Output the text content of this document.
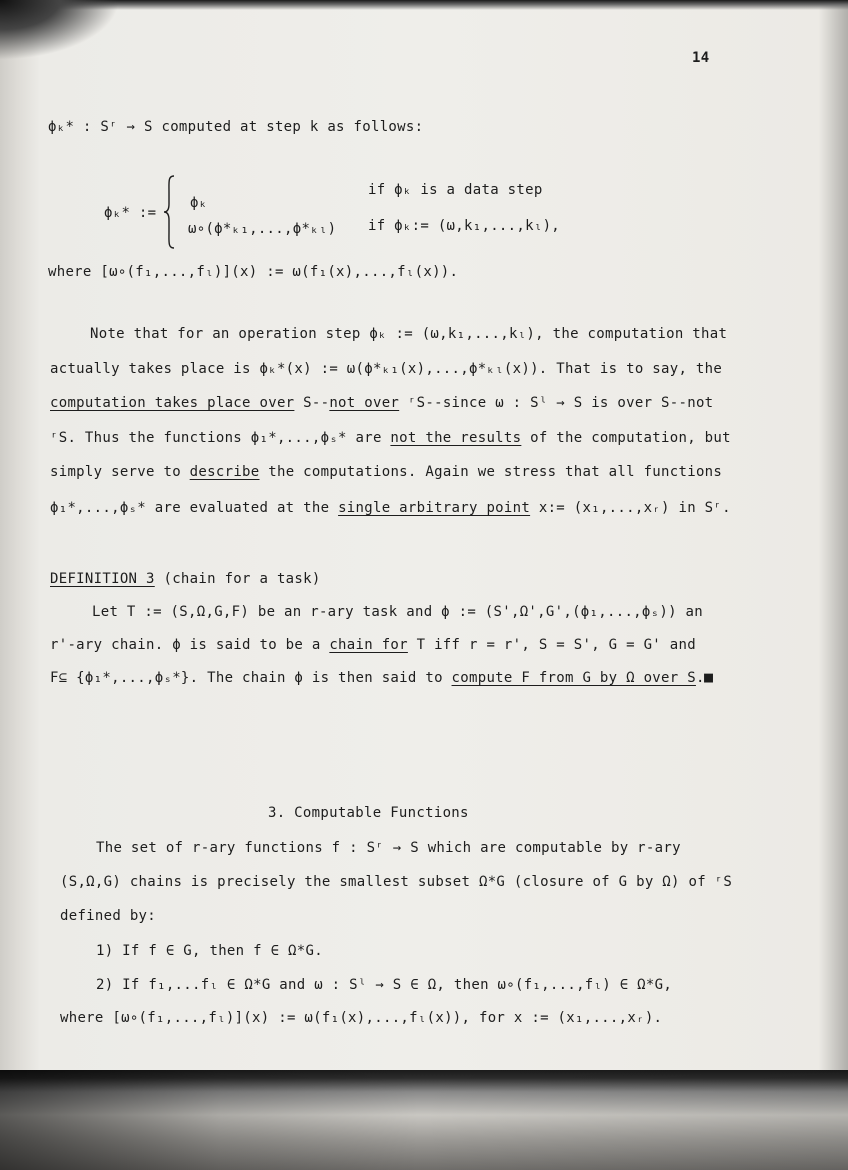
14
ϕₖ* : Sʳ → S computed at step k as follows:
ϕₖ* :=
ϕₖ
if ϕₖ is a data step
ω∘(ϕ*ₖ₁,...,ϕ*ₖₗ) if ϕₖ:= (ω,k₁,...,kₗ),
where [ω∘(f₁,...,fₗ)](x) := ω(f₁(x),...,fₗ(x)).
Note that for an operation step ϕₖ := (ω,k₁,...,kₗ), the computation that
actually takes place is ϕₖ*(x) := ω(ϕ*ₖ₁(x),...,ϕ*ₖₗ(x)). That is to say, the
computation takes place over S--not over ʳS--since ω : Sˡ → S is over S--not
ʳS. Thus the functions ϕ₁*,...,ϕₛ* are not the results of the computation, but
simply serve to describe the computations. Again we stress that all functions
ϕ₁*,...,ϕₛ* are evaluated at the single arbitrary point x:= (x₁,...,xᵣ) in Sʳ.
DEFINITION 3 (chain for a task)
Let T := (S,Ω,G,F) be an r-ary task and ϕ := (S',Ω',G',(ϕ₁,...,ϕₛ)) an
r'-ary chain. ϕ is said to be a chain for T iff r = r', S = S', G = G' and
F⊆ {ϕ₁*,...,ϕₛ*}. The chain ϕ is then said to compute F from G by Ω over S. ■
3. Computable Functions
The set of r-ary functions f : Sʳ → S which are computable by r-ary
(S,Ω,G) chains is precisely the smallest subset Ω*G (closure of G by Ω) of ʳS
defined by:
1) If f ∈ G, then f ∈ Ω*G.
2) If f₁,...fₗ ∈ Ω*G and ω : Sˡ → S ∈ Ω, then ω∘(f₁,...,fₗ) ∈ Ω*G,
where [ω∘(f₁,...,fₗ)](x) := ω(f₁(x),...,fₗ(x)), for x := (x₁,...,xᵣ).
